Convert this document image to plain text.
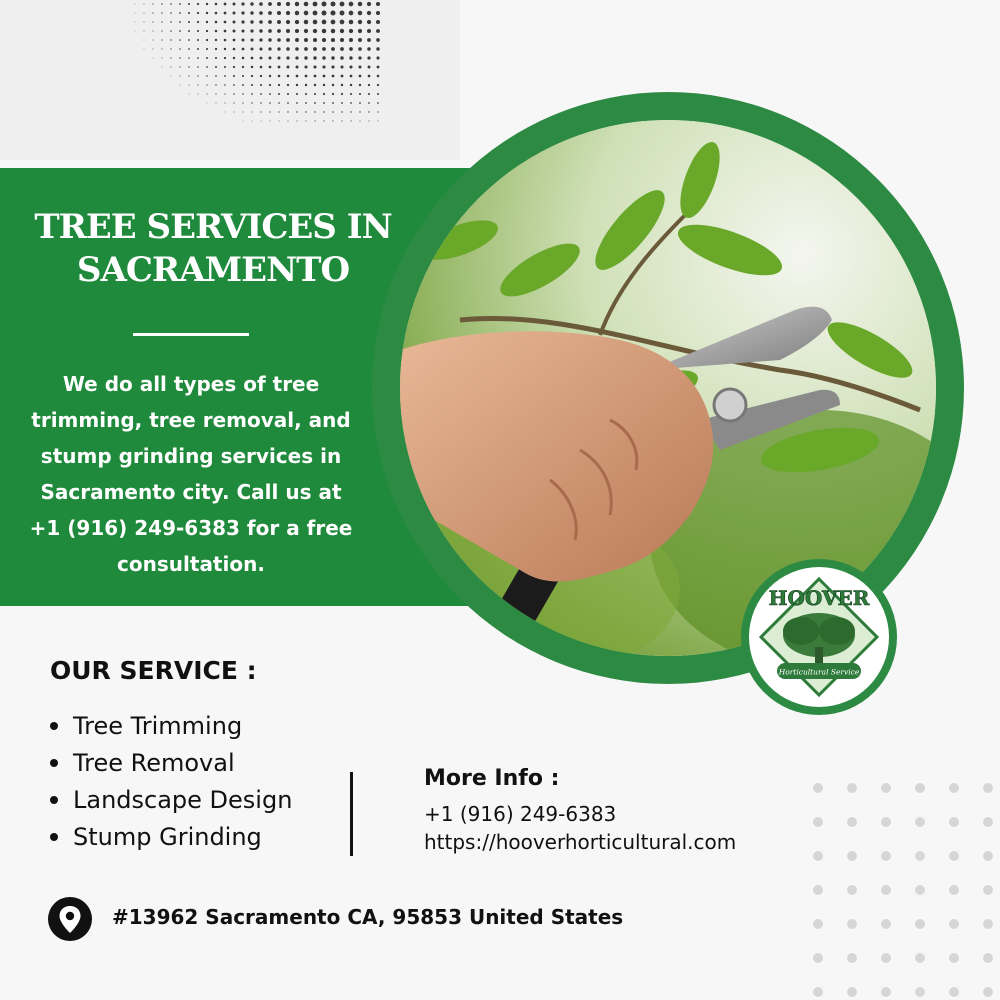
TREE SERVICES IN
SACRAMENTO
We do all types of tree
trimming, tree removal, and
stump grinding services in
Sacramento city. Call us at
+1 (916) 249-6383 for a free
consultation.
HOOVER
Horticultural Service
OUR SERVICE :
Tree Trimming
Tree Removal
Landscape Design
Stump Grinding
More Info :
+1 (916) 249-6383
https://hooverhorticultural.com
#13962 Sacramento CA, 95853 United States
